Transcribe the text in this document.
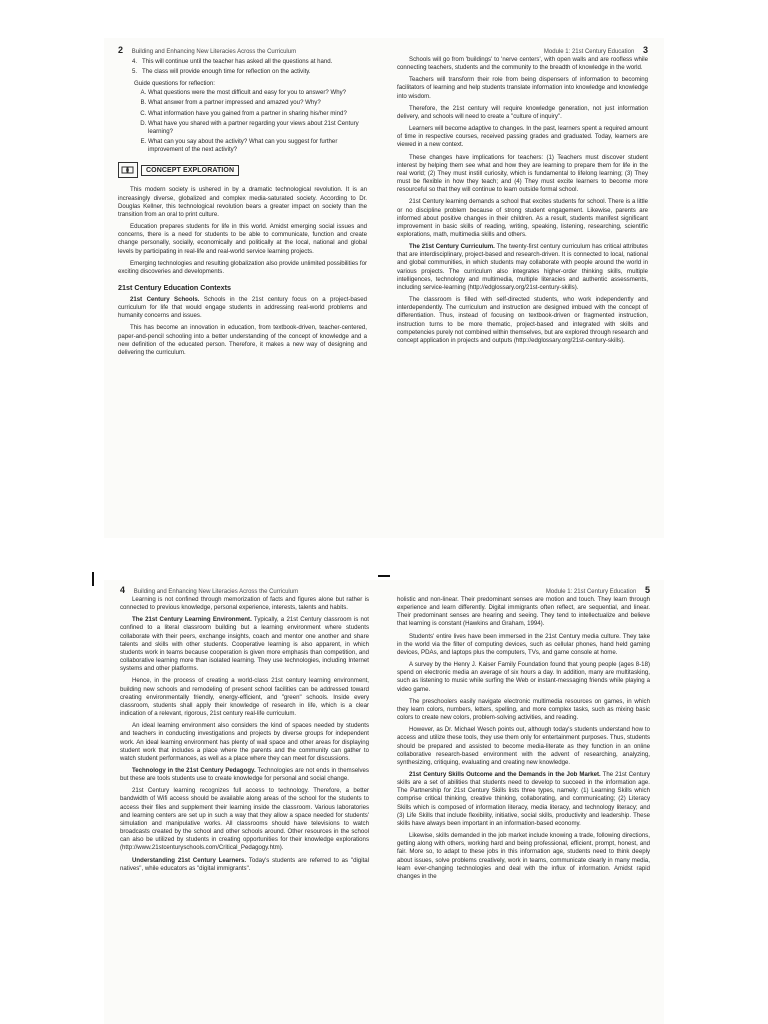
2 Building and Enhancing New Literacies Across the Curriculum
This will continue until the teacher has asked all the questions at hand.
The class will provide enough time for reflection on the activity.
Guide questions for reflection:
A. What questions were the most difficult and easy for you to answer? Why?
B. What answer from a partner impressed and amazed you? Why?
C. What information have you gained from a partner in sharing his/her mind?
D. What have you shared with a partner regarding your views about 21st Century learning?
E. What can you say about the activity? What can you suggest for further improvement of the next activity?
CONCEPT EXPLORATION

This modern society is ushered in by a dramatic technological revolution. It is an increasingly diverse, globalized and complex media-saturated society. According to Dr. Douglas Kellner, this technological revolution bears a greater impact on society than the transition from an oral to print culture.

Education prepares students for life in this world. Amidst emerging social issues and concerns, there is a need for students to be able to communicate, function and create change personally, socially, economically and politically at the local, national and global levels by participating in real-life and real-world service learning projects.

Emerging technologies and resulting globalization also provide unlimited possibilities for exciting discoveries and developments.

21st Century Education Contexts

21st Century Schools. Schools in the 21st century focus on a project-based curriculum for life that would engage students in addressing real-world problems and humanity concerns and issues.

This has become an innovation in education, from textbook-driven, teacher-centered, paper-and-pencil schooling into a better understanding of the concept of knowledge and a new definition of the educated person. Therefore, it makes a new way of designing and delivering the curriculum.

Module 1: 21st Century Education 3

Schools will go from 'buildings' to 'nerve centers', with open walls and are roofless while connecting teachers, students and the community to the breadth of knowledge in the world.

Teachers will transform their role from being dispensers of information to becoming facilitators of learning and help students translate information into knowledge and knowledge into wisdom.

Therefore, the 21st century will require knowledge generation, not just information delivery, and schools will need to create a "culture of inquiry".

Learners will become adaptive to changes. In the past, learners spent a required amount of time in respective courses, received passing grades and graduated. Today, learners are viewed in a new context.

These changes have implications for teachers: (1) Teachers must discover student interest by helping them see what and how they are learning to prepare them for life in the real world; (2) They must instill curiosity, which is fundamental to lifelong learning; (3) They must be flexible in how they teach; and (4) They must excite learners to become more resourceful so that they will continue to learn outside formal school.

21st Century learning demands a school that excites students for school. There is a little or no discipline problem because of strong student engagement. Likewise, parents are informed about positive changes in their children. As a result, students manifest significant improvement in basic skills of reading, writing, speaking, listening, researching, scientific explorations, math, multimedia skills and others.

The 21st Century Curriculum. The twenty-first century curriculum has critical attributes that are interdisciplinary, project-based and research-driven. It is connected to local, national and global communities, in which students may collaborate with people around the world in various projects. The curriculum also integrates higher-order thinking skills, multiple intelligences, technology and multimedia, multiple literacies and authentic assessments, including service-learning (http://edglossary.org/21st-century-skills).

The classroom is filled with self-directed students, who work independently and interdependently. The curriculum and instruction are designed imbued with the concept of differentiation. Thus, instead of focusing on textbook-driven or fragmented instruction, instruction turns to be more thematic, project-based and integrated with skills and competencies purely not combined within themselves, but are explored through research and concept application in projects and outputs (http://edglossary.org/21st-century-skills).

4 Building and Enhancing New Literacies Across the Curriculum

Learning is not confined through memorization of facts and figures alone but rather is connected to previous knowledge, personal experience, interests, talents and habits.

The 21st Century Learning Environment. Typically, a 21st Century classroom is not confined to a literal classroom building but a learning environment where students collaborate with their peers, exchange insights, coach and mentor one another and share talents and skills with other students. Cooperative learning is also apparent, in which students work in teams because cooperation is given more emphasis than competition, and collaborative learning more than isolated learning. They use technologies, including Internet systems and other platforms.

Hence, in the process of creating a world-class 21st century learning environment, building new schools and remodeling of present school facilities can be addressed toward creating environmentally friendly, energy-efficient, and "green" schools. Inside every classroom, students shall apply their knowledge of research in life, which is a clear indication of a relevant, rigorous, 21st century real-life curriculum.

An ideal learning environment also considers the kind of spaces needed by students and teachers in conducting investigations and projects by diverse groups for independent work. An ideal learning environment has plenty of wall space and other areas for displaying student work that includes a place where the parents and the community can gather to watch student performances, as well as a place where they can meet for discussions.

Technology in the 21st Century Pedagogy. Technologies are not ends in themselves but these are tools students use to create knowledge for personal and social change.

21st Century learning recognizes full access to technology. Therefore, a better bandwidth of Wifi access should be available along areas of the school for the students to access their files and supplement their learning inside the classroom. Various laboratories and learning centers are set up in such a way that they allow a space needed for students' simulation and manipulative works. All classrooms should have televisions to watch broadcasts created by the school and other schools around. Other resources in the school can also be utilized by students in creating opportunities for their knowledge explorations (http://www.21stcenturyschools.com/Critical_Pedagogy.htm).

Understanding 21st Century Learners. Today's students are referred to as "digital natives", while educators as "digital immigrants".

Module 1: 21st Century Education 5

holistic and non-linear. Their predominant senses are motion and touch. They learn through experience and learn differently. Digital immigrants often reflect, are sequential, and linear. Their predominant senses are hearing and seeing. They tend to intellectualize and believe that learning is constant (Hawkins and Graham, 1994).

Students' entire lives have been immersed in the 21st Century media culture. They take in the world via the filter of computing devices, such as cellular phones, hand held gaming devices, PDAs, and laptops plus the computers, TVs, and game console at home.

A survey by the Henry J. Kaiser Family Foundation found that young people (ages 8-18) spend on electronic media an average of six hours a day. In addition, many are multitasking, such as listening to music while surfing the Web or instant-messaging friends while playing a video game.

The preschoolers easily navigate electronic multimedia resources on games, in which they learn colors, numbers, letters, spelling, and more complex tasks, such as mixing basic colors to create new colors, problem-solving activities, and reading.

However, as Dr. Michael Wesch points out, although today's students understand how to access and utilize these tools, they use them only for entertainment purposes. Thus, students should be prepared and assisted to become media-literate as they function in an online collaborative research-based environment with the advent of researching, analyzing, synthesizing, critiquing, evaluating and creating new knowledge.

21st Century Skills Outcome and the Demands in the Job Market. The 21st Century skills are a set of abilities that students need to develop to succeed in the information age. The Partnership for 21st Century Skills lists three types, namely: (1) Learning Skills which comprise critical thinking, creative thinking, collaborating, and communicating; (2) Literacy Skills which is composed of information literacy, media literacy, and technology literacy; and (3) Life Skills that include flexibility, initiative, social skills, productivity and leadership. These skills have always been important in an information-based economy.

Likewise, skills demanded in the job market include knowing a trade, following directions, getting along with others, working hard and being professional, efficient, prompt, honest, and fair. More so, to adapt to these jobs in this information age, students need to think deeply about issues, solve problems creatively, work in teams, communicate clearly in many media, learn ever-changing technologies and deal with the influx of information. Amidst rapid changes in the
